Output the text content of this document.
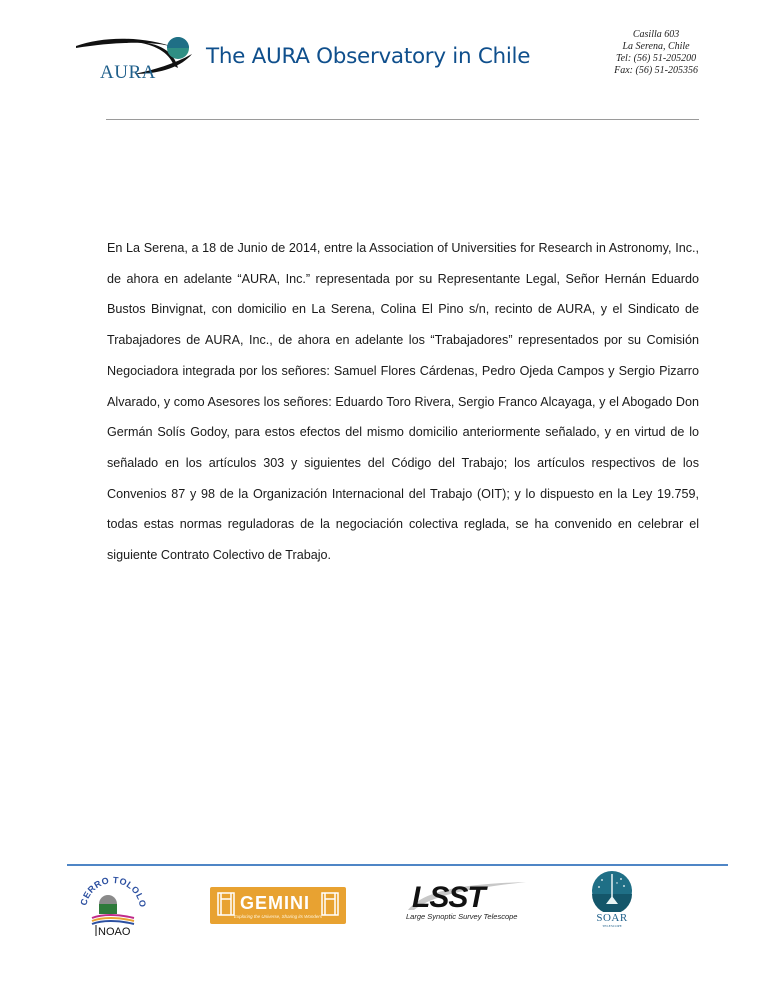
AURA
The AURA Observatory in Chile
Casilla 603
La Serena, Chile
Tel: (56) 51-205200
Fax: (56) 51-205356

En La Serena, a 18 de Junio de 2014, entre la Association of Universities for Research in Astronomy, Inc., de ahora en adelante “AURA, Inc.” representada por su Representante Legal, Señor Hernán Eduardo Bustos Binvignat, con domicilio en La Serena, Colina El Pino s/n, recinto de AURA, y el Sindicato de Trabajadores de AURA, Inc., de ahora en adelante los “Trabajadores” representados por su Comisión Negociadora integrada por los señores: Samuel Flores Cárdenas, Pedro Ojeda Campos y Sergio Pizarro Alvarado, y como Asesores los señores: Eduardo Toro Rivera, Sergio Franco Alcayaga, y el Abogado Don Germán Solís Godoy, para estos efectos del mismo domicilio anteriormente señalado, y en virtud de lo señalado en los artículos 303 y siguientes del Código del Trabajo; los artículos respectivos de los Convenios 87 y 98 de la Organización Internacional del Trabajo (OIT); y lo dispuesto en la Ley 19.759, todas estas normas reguladoras de la negociación colectiva reglada, se ha convenido en celebrar el siguiente Contrato Colectivo de Trabajo.

CERRO TOLOLO
NOAO
GEMINI
Exploring the Universe, Sharing its Wonders
LSST
Large Synoptic Survey Telescope	SOAR
TELESCOPE
